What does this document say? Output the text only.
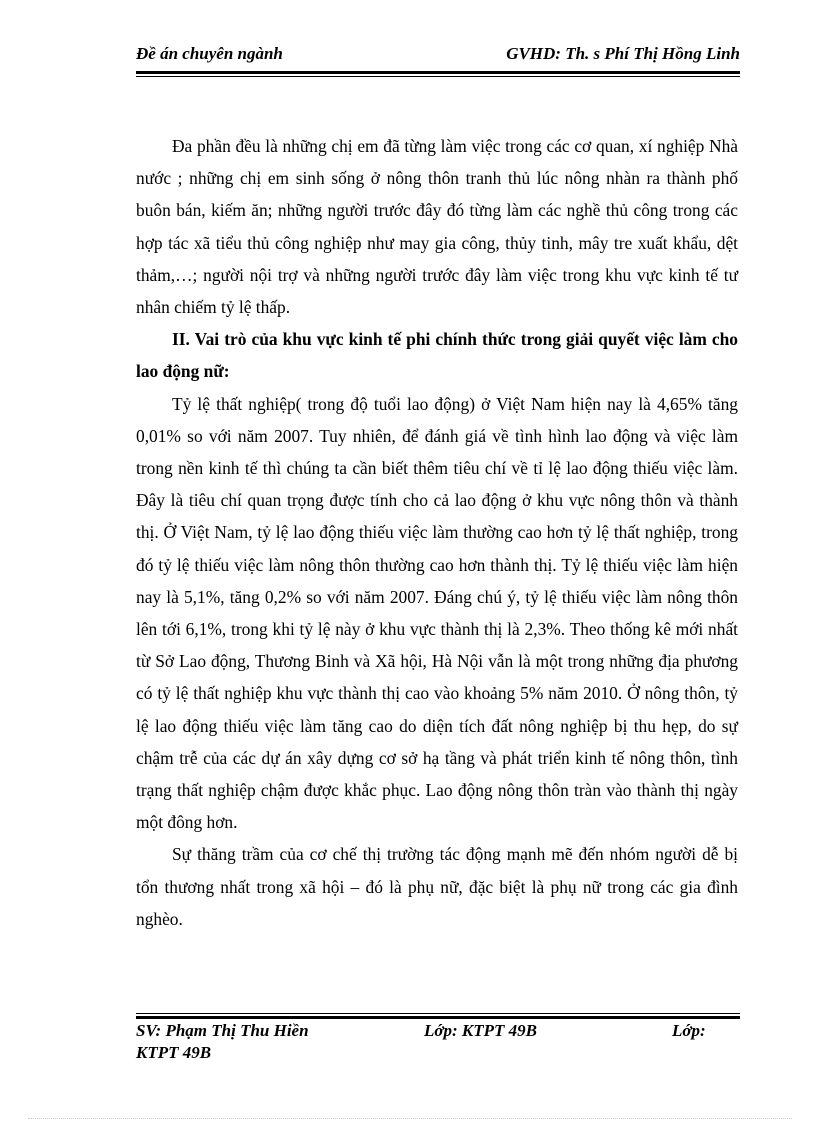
Đề án chuyên ngành	GVHD: Th. s Phí Thị Hồng Linh

Đa phần đều là những chị em đã từng làm việc trong các cơ quan, xí nghiệp Nhà nước ; những chị em sinh sống ở nông thôn tranh thủ lúc nông nhàn ra thành phố buôn bán, kiếm ăn; những người trước đây đó từng làm các nghề thủ công trong các hợp tác xã tiểu thủ công nghiệp như may gia công, thủy tinh, mây tre xuất khẩu, dệt thảm,…; người nội trợ và những người trước đây làm việc trong khu vực kinh tế tư nhân chiếm tỷ lệ thấp.

II. Vai trò của khu vực kinh tế phi chính thức trong giải quyết việc làm cho lao động nữ:

Tỷ lệ thất nghiệp( trong độ tuổi lao động) ở Việt Nam hiện nay là 4,65% tăng 0,01% so với năm 2007. Tuy nhiên, để đánh giá về tình hình lao động và việc làm trong nền kinh tế thì chúng ta cần biết thêm tiêu chí về tỉ lệ lao động thiếu việc làm. Đây là tiêu chí quan trọng được tính cho cả lao động ở khu vực nông thôn và thành thị. Ở Việt Nam, tỷ lệ lao động thiếu việc làm thường cao hơn tỷ lệ thất nghiệp, trong đó tỷ lệ thiếu việc làm nông thôn thường cao hơn thành thị. Tỷ lệ thiếu việc làm hiện nay là 5,1%, tăng 0,2% so với năm 2007. Đáng chú ý, tỷ lệ thiếu việc làm nông thôn lên tới 6,1%, trong khi tỷ lệ này ở khu vực thành thị là 2,3%. Theo thống kê mới nhất từ Sở Lao động, Thương Binh và Xã hội, Hà Nội vẫn là một trong những địa phương có tỷ lệ thất nghiệp khu vực thành thị cao vào khoảng 5% năm 2010. Ở nông thôn, tỷ lệ lao động thiếu việc làm tăng cao do diện tích đất nông nghiệp bị thu hẹp, do sự chậm trễ của các dự án xây dựng cơ sở hạ tầng và phát triển kinh tế nông thôn, tình trạng thất nghiệp chậm được khắc phục. Lao động nông thôn tràn vào thành thị ngày một đông hơn.

Sự thăng trầm của cơ chế thị trường tác động mạnh mẽ đến nhóm người dễ bị tổn thương nhất trong xã hội – đó là phụ nữ, đặc biệt là phụ nữ trong các gia đình nghèo.

SV: Phạm Thị Thu Hiền	Lớp: KTPT 49B	Lớp:
KTPT 49B
